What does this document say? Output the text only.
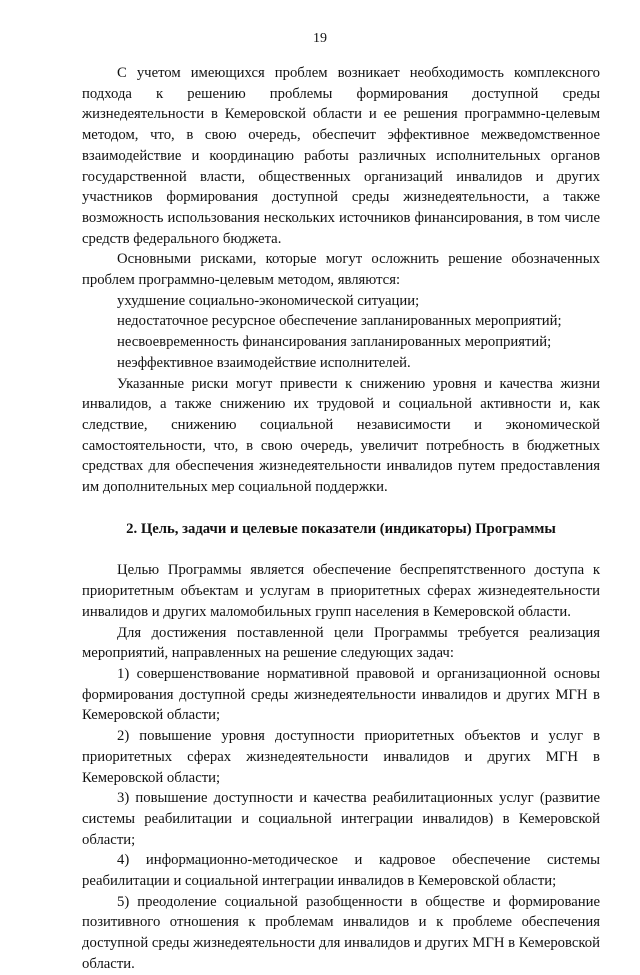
19

С учетом имеющихся проблем возникает необходимость комплексного подхода к решению проблемы формирования доступной среды жизнедеятельности в Кемеровской области и ее решения программно-целевым методом, что, в свою очередь, обеспечит эффективное межведомственное взаимодействие и координацию работы различных исполнительных органов государственной власти, общественных организаций инвалидов и других участников формирования доступной среды жизнедеятельности, а также возможность использования нескольких источников финансирования, в том числе средств федерального бюджета.

Основными рисками, которые могут осложнить решение обозначенных проблем программно-целевым методом, являются:

ухудшение социально-экономической ситуации;

недостаточное ресурсное обеспечение запланированных мероприятий;

несвоевременность финансирования запланированных мероприятий;

неэффективное взаимодействие исполнителей.

Указанные риски могут привести к снижению уровня и качества жизни инвалидов, а также снижению их трудовой и социальной активности и, как следствие, снижению социальной независимости и экономической самостоятельности, что, в свою очередь, увеличит потребность в бюджетных средствах для обеспечения жизнедеятельности инвалидов путем предоставления им дополнительных мер социальной поддержки.

2. Цель, задачи и целевые показатели (индикаторы) Программы

Целью Программы является обеспечение беспрепятственного доступа к приоритетным объектам и услугам в приоритетных сферах жизнедеятельности инвалидов и других маломобильных групп населения в Кемеровской области.

Для достижения поставленной цели Программы требуется реализация мероприятий, направленных на решение следующих задач:

1) совершенствование нормативной правовой и организационной основы формирования доступной среды жизнедеятельности инвалидов и других МГН в Кемеровской области;

2) повышение уровня доступности приоритетных объектов и услуг в приоритетных сферах жизнедеятельности инвалидов и других МГН в Кемеровской области;

3) повышение доступности и качества реабилитационных услуг (развитие системы реабилитации и социальной интеграции инвалидов) в Кемеровской области;

4) информационно-методическое и кадровое обеспечение системы реабилитации и социальной интеграции инвалидов в Кемеровской области;

5) преодоление социальной разобщенности в обществе и формирование позитивного отношения к проблемам инвалидов и к проблеме обеспечения доступной среды жизнедеятельности для инвалидов и других МГН в Кемеровской области.
